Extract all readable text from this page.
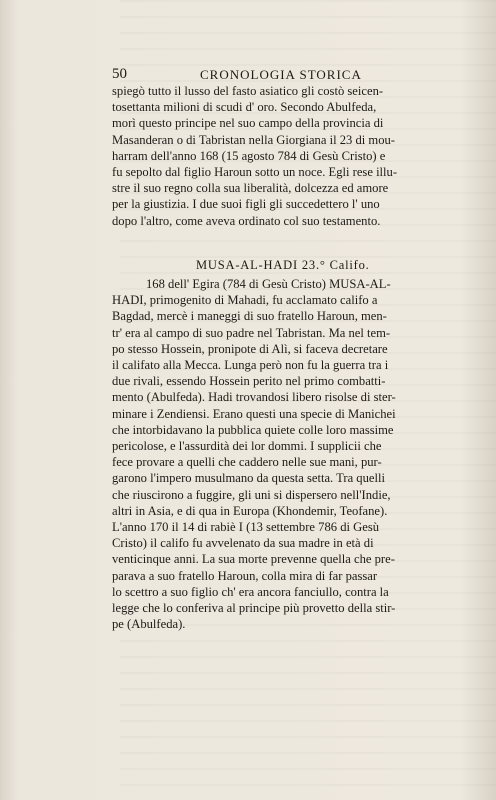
50	CRONOLOGIA STORICA
spiegò tutto il lusso del fasto asiatico gli costò seicen-
tosettanta milioni di scudi d' oro. Secondo Abulfeda,
morì questo principe nel suo campo della provincia di
Masanderan o di Tabristan nella Giorgiana il 23 di mou-
harram dell'anno 168 (15 agosto 784 di Gesù Cristo) e
fu sepolto dal figlio Haroun sotto un noce. Egli rese illu-
stre il suo regno colla sua liberalità, dolcezza ed amore
per la giustizia. I due suoi figli gli succedettero l' uno
dopo l'altro, come aveva ordinato col suo testamento.
MUSA-AL-HADI 23.° Califo.
168 dell' Egira (784 di Gesù Cristo) MUSA-AL-
HADI, primogenito di Mahadi, fu acclamato califo a
Bagdad, mercè i maneggi di suo fratello Haroun, men-
tr' era al campo di suo padre nel Tabristan. Ma nel tem-
po stesso Hossein, pronipote di Alì, si faceva decretare
il califato alla Mecca. Lunga però non fu la guerra tra i
due rivali, essendo Hossein perito nel primo combatti-
mento (Abulfeda). Hadi trovandosi libero risolse di ster-
minare i Zendiensi. Erano questi una specie di Manichei
che intorbidavano la pubblica quiete colle loro massime
pericolose, e l'assurdità dei lor dommi. I supplicii che
fece provare a quelli che caddero nelle sue mani, pur-
garono l'impero musulmano da questa setta. Tra quelli
che riuscirono a fuggire, gli uni si dispersero nell'Indie,
altri in Asia, e di qua in Europa (Khondemir, Teofane).
L'anno 170 il 14 di rabiè I (13 settembre 786 di Gesù
Cristo) il califo fu avvelenato da sua madre in età di
venticinque anni. La sua morte prevenne quella che pre-
parava a suo fratello Haroun, colla mira di far passar
lo scettro a suo figlio ch' era ancora fanciullo, contra la
legge che lo conferiva al principe più provetto della stir-
pe (Abulfeda).
